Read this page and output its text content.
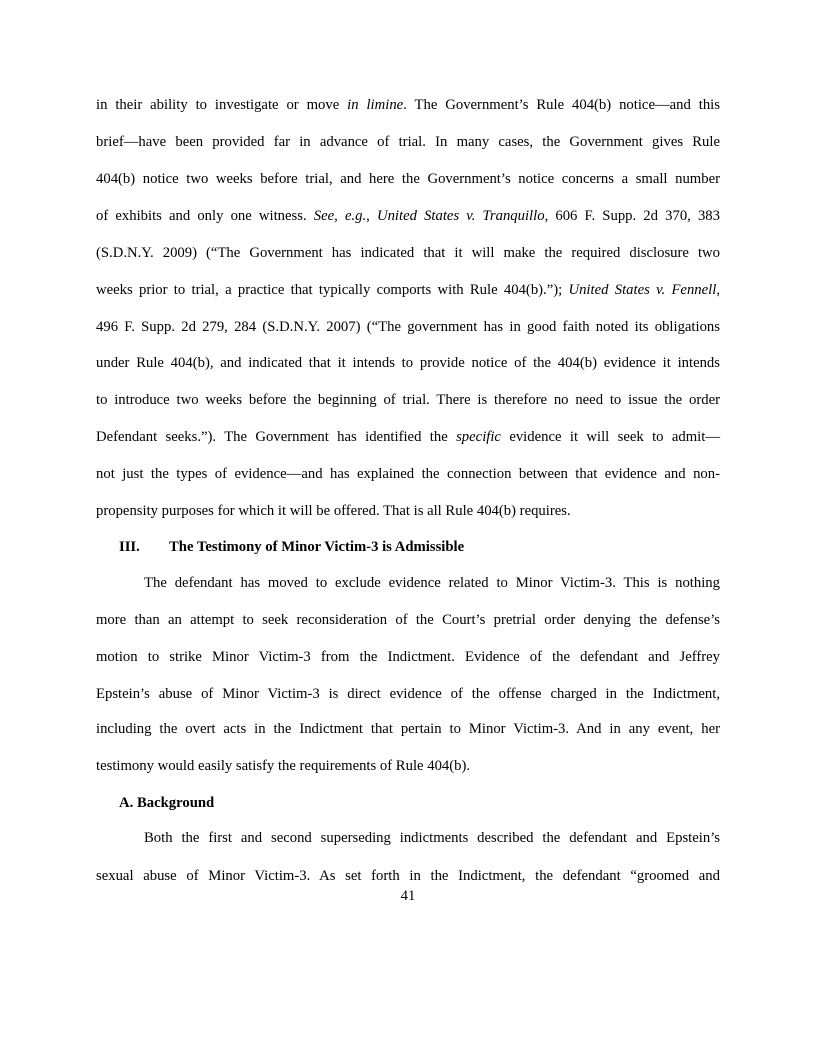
in their ability to investigate or move in limine. The Government’s Rule 404(b) notice—and this
brief—have been provided far in advance of trial. In many cases, the Government gives Rule
404(b) notice two weeks before trial, and here the Government’s notice concerns a small number
of exhibits and only one witness. See, e.g., United States v. Tranquillo, 606 F. Supp. 2d 370, 383
(S.D.N.Y. 2009) (“The Government has indicated that it will make the required disclosure two
weeks prior to trial, a practice that typically comports with Rule 404(b).”); United States v. Fennell,
496 F. Supp. 2d 279, 284 (S.D.N.Y. 2007) (“The government has in good faith noted its obligations
under Rule 404(b), and indicated that it intends to provide notice of the 404(b) evidence it intends
to introduce two weeks before the beginning of trial. There is therefore no need to issue the order
Defendant seeks.”). The Government has identified the specific evidence it will seek to admit—
not just the types of evidence—and has explained the connection between that evidence and non-
propensity purposes for which it will be offered. That is all Rule 404(b) requires.
The defendant has moved to exclude evidence related to Minor Victim-3. This is nothing
more than an attempt to seek reconsideration of the Court’s pretrial order denying the defense’s
motion to strike Minor Victim-3 from the Indictment. Evidence of the defendant and Jeffrey
Epstein’s abuse of Minor Victim-3 is direct evidence of the offense charged in the Indictment,
including the overt acts in the Indictment that pertain to Minor Victim-3. And in any event, her
testimony would easily satisfy the requirements of Rule 404(b).
Both the first and second superseding indictments described the defendant and Epstein’s
sexual abuse of Minor Victim-3. As set forth in the Indictment, the defendant “groomed and
III. The Testimony of Minor Victim-3 is Admissible
A. Background
41
